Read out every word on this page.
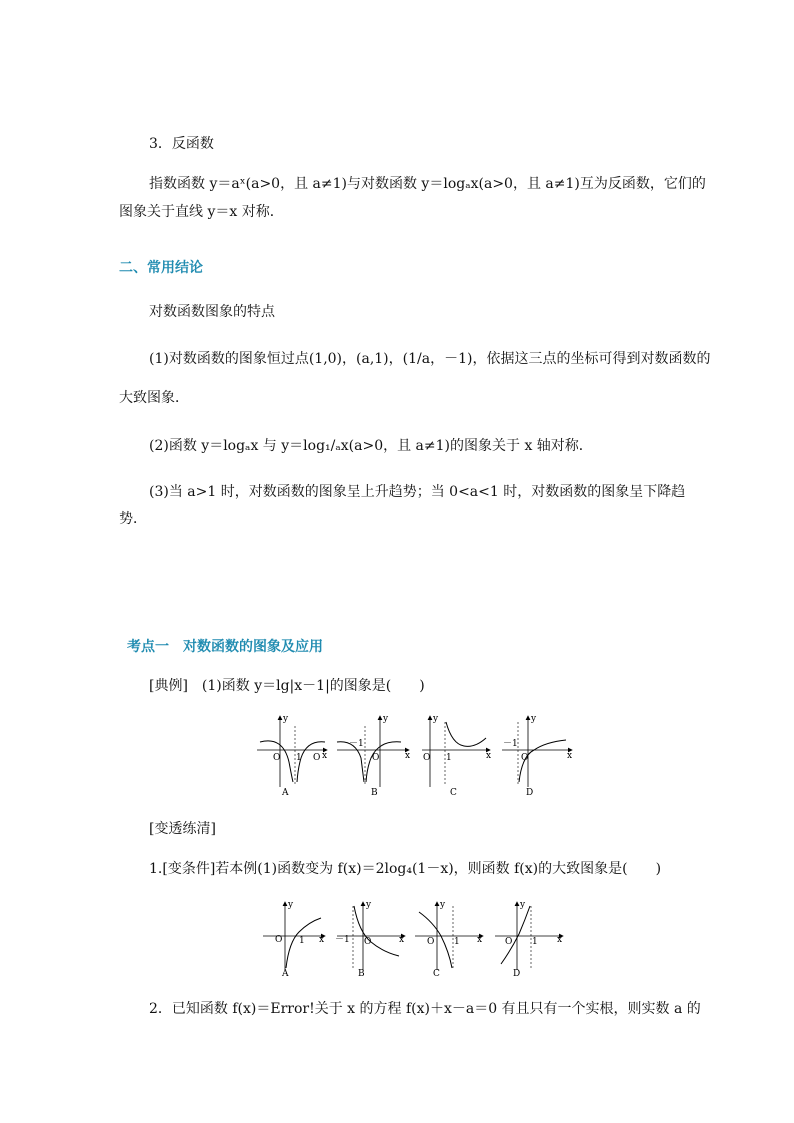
3．反函数
指数函数 y＝aˣ(a>0，且 a≠1)与对数函数 y＝logₐx(a>0，且 a≠1)互为反函数，它们的
图象关于直线 y＝x 对称．
二、常用结论
对数函数图象的特点
(1)对数函数的图象恒过点(1,0)，(a,1)，(1/a，－1)，依据这三点的坐标可得到对数函数的
大致图象．
(2)函数 y＝logₐx 与 y＝log₁/ₐx(a>0，且 a≠1)的图象关于 x 轴对称．
(3)当 a>1 时，对数函数的图象呈上升趋势；当 0<a<1 时，对数函数的图象呈下降趋
势．
考点一　对数函数的图象及应用
[典例]　(1)函数 y＝lg|x－1|的图象是(　　)
y
O 1 O x
A
y
－1
O	x
B
y
O 1	x
C
y
－1
O	x
D
[变透练清]
1.[变条件]若本例(1)函数变为 f(x)＝2log₄(1－x)，则函数 f(x)的大致图象是(　　)
y
O 1 x
A
y
－1 O	x
B
y
O 1 x
C
y
O 1 x
D
2．已知函数 f(x)＝Error!关于 x 的方程 f(x)＋x－a＝0 有且只有一个实根，则实数 a 的
